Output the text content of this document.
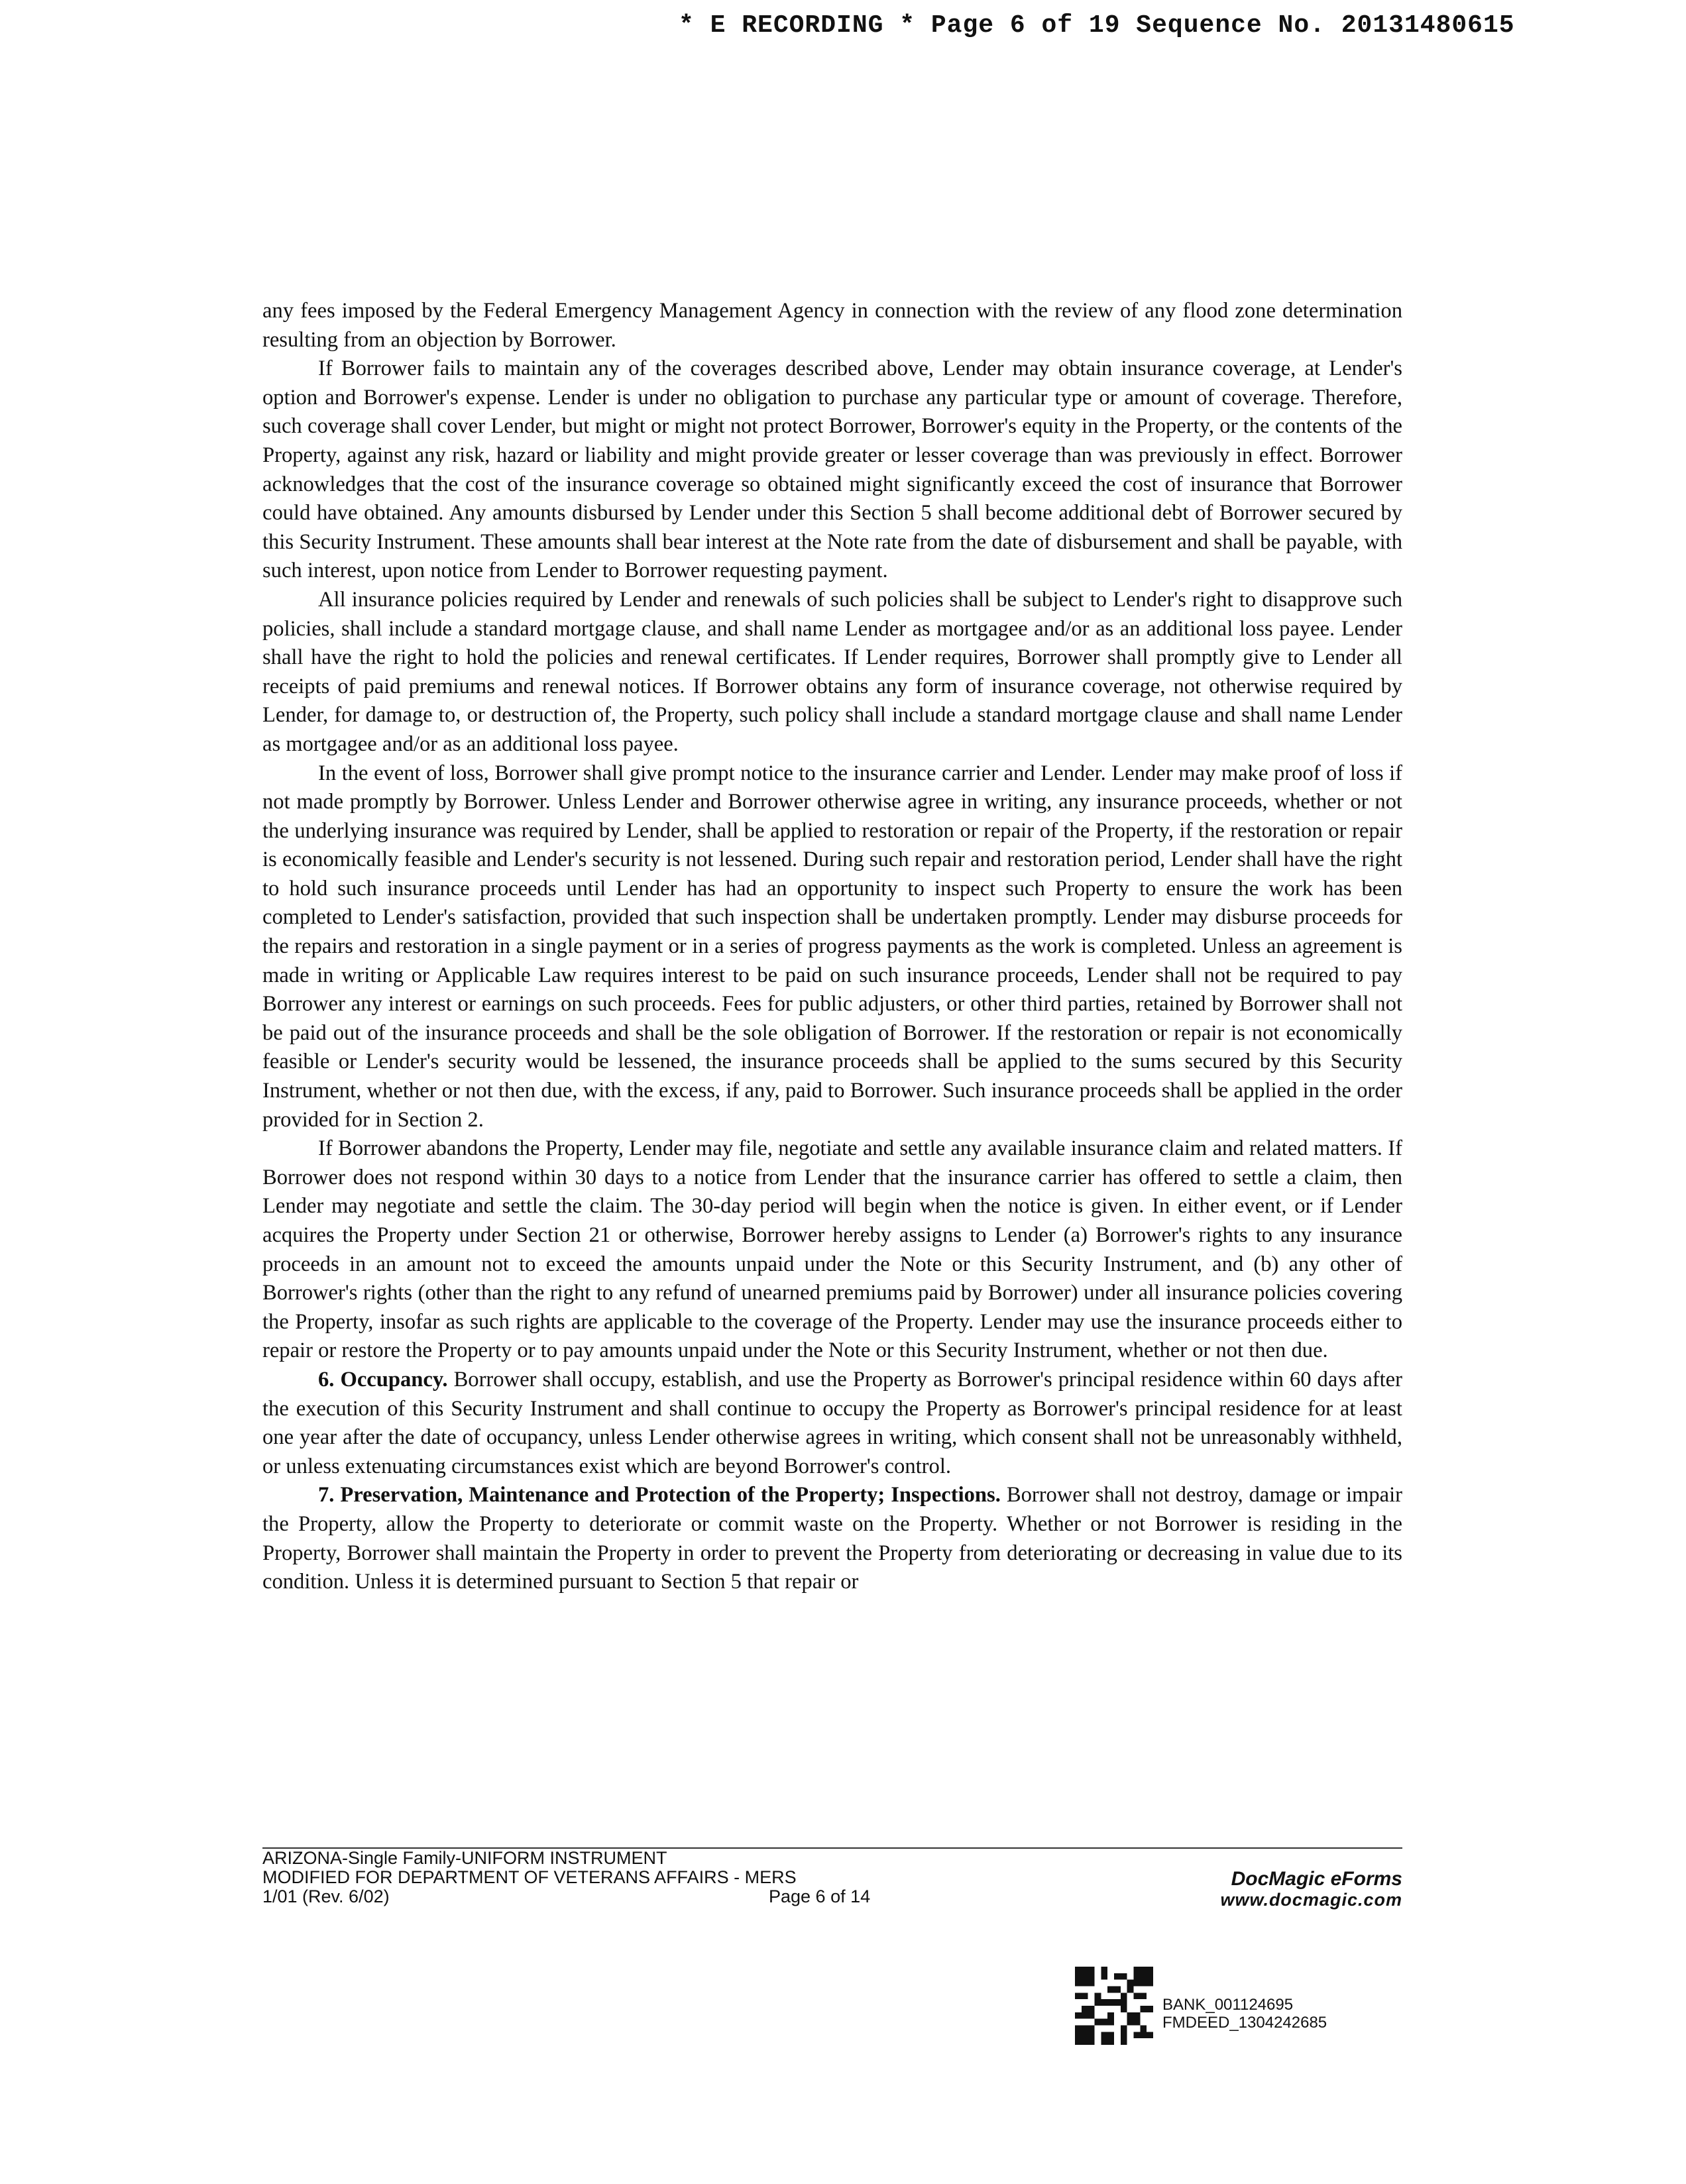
* E RECORDING * Page 6 of 19 Sequence No. 20131480615

any fees imposed by the Federal Emergency Management Agency in connection with the review of any flood zone determination resulting from an objection by Borrower.

If Borrower fails to maintain any of the coverages described above, Lender may obtain insurance coverage, at Lender's option and Borrower's expense. Lender is under no obligation to purchase any particular type or amount of coverage. Therefore, such coverage shall cover Lender, but might or might not protect Borrower, Borrower's equity in the Property, or the contents of the Property, against any risk, hazard or liability and might provide greater or lesser coverage than was previously in effect. Borrower acknowledges that the cost of the insurance coverage so obtained might significantly exceed the cost of insurance that Borrower could have obtained. Any amounts disbursed by Lender under this Section 5 shall become additional debt of Borrower secured by this Security Instrument. These amounts shall bear interest at the Note rate from the date of disbursement and shall be payable, with such interest, upon notice from Lender to Borrower requesting payment.

All insurance policies required by Lender and renewals of such policies shall be subject to Lender's right to disapprove such policies, shall include a standard mortgage clause, and shall name Lender as mortgagee and/or as an additional loss payee. Lender shall have the right to hold the policies and renewal certificates. If Lender requires, Borrower shall promptly give to Lender all receipts of paid premiums and renewal notices. If Borrower obtains any form of insurance coverage, not otherwise required by Lender, for damage to, or destruction of, the Property, such policy shall include a standard mortgage clause and shall name Lender as mortgagee and/or as an additional loss payee.

In the event of loss, Borrower shall give prompt notice to the insurance carrier and Lender. Lender may make proof of loss if not made promptly by Borrower. Unless Lender and Borrower otherwise agree in writing, any insurance proceeds, whether or not the underlying insurance was required by Lender, shall be applied to restoration or repair of the Property, if the restoration or repair is economically feasible and Lender's security is not lessened. During such repair and restoration period, Lender shall have the right to hold such insurance proceeds until Lender has had an opportunity to inspect such Property to ensure the work has been completed to Lender's satisfaction, provided that such inspection shall be undertaken promptly. Lender may disburse proceeds for the repairs and restoration in a single payment or in a series of progress payments as the work is completed. Unless an agreement is made in writing or Applicable Law requires interest to be paid on such insurance proceeds, Lender shall not be required to pay Borrower any interest or earnings on such proceeds. Fees for public adjusters, or other third parties, retained by Borrower shall not be paid out of the insurance proceeds and shall be the sole obligation of Borrower. If the restoration or repair is not economically feasible or Lender's security would be lessened, the insurance proceeds shall be applied to the sums secured by this Security Instrument, whether or not then due, with the excess, if any, paid to Borrower. Such insurance proceeds shall be applied in the order provided for in Section 2.

If Borrower abandons the Property, Lender may file, negotiate and settle any available insurance claim and related matters. If Borrower does not respond within 30 days to a notice from Lender that the insurance carrier has offered to settle a claim, then Lender may negotiate and settle the claim. The 30-day period will begin when the notice is given. In either event, or if Lender acquires the Property under Section 21 or otherwise, Borrower hereby assigns to Lender (a) Borrower's rights to any insurance proceeds in an amount not to exceed the amounts unpaid under the Note or this Security Instrument, and (b) any other of Borrower's rights (other than the right to any refund of unearned premiums paid by Borrower) under all insurance policies covering the Property, insofar as such rights are applicable to the coverage of the Property. Lender may use the insurance proceeds either to repair or restore the Property or to pay amounts unpaid under the Note or this Security Instrument, whether or not then due.

6. Occupancy. Borrower shall occupy, establish, and use the Property as Borrower's principal residence within 60 days after the execution of this Security Instrument and shall continue to occupy the Property as Borrower's principal residence for at least one year after the date of occupancy, unless Lender otherwise agrees in writing, which consent shall not be unreasonably withheld, or unless extenuating circumstances exist which are beyond Borrower's control.

7. Preservation, Maintenance and Protection of the Property; Inspections. Borrower shall not destroy, damage or impair the Property, allow the Property to deteriorate or commit waste on the Property. Whether or not Borrower is residing in the Property, Borrower shall maintain the Property in order to prevent the Property from deteriorating or decreasing in value due to its condition. Unless it is determined pursuant to Section 5 that repair or

ARIZONA-Single Family-UNIFORM INSTRUMENT
MODIFIED FOR DEPARTMENT OF VETERANS AFFAIRS - MERS
1/01 (Rev. 6/02)	Page 6 of 14
DocMagic eForms
www.docmagic.com
BANK_001124695
FMDEED_1304242685
